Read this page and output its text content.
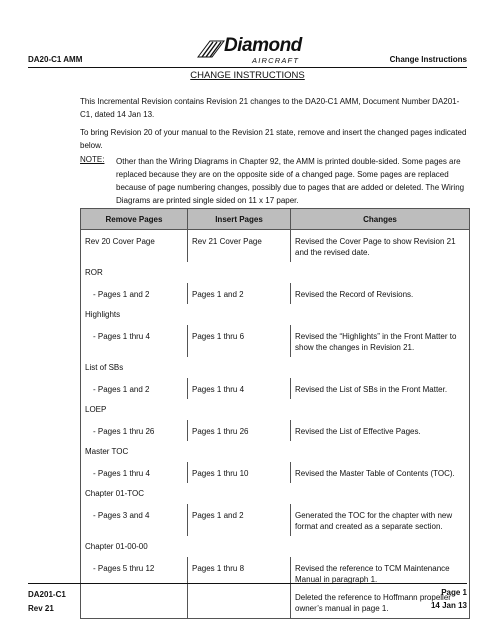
DA20-C1 AMM
Diamond
AIRCRAFT	Change Instructions
CHANGE INSTRUCTIONS
This Incremental Revision contains Revision 21 changes to the DA20-C1 AMM, Document Number DA201-C1, dated 14 Jan 13.
To bring Revision 20 of your manual to the Revision 21 state, remove and insert the changed pages indicated below.
NOTE: Other than the Wiring Diagrams in Chapter 92, the AMM is printed double-sided. Some pages are replaced because they are on the opposite side of a changed page. Some pages are replaced because of page numbering changes, possibly due to pages that are added or deleted. The Wiring Diagrams are printed single sided on 11 x 17 paper.
Remove Pages	Insert Pages	Changes
Rev 20 Cover Page	Rev 21 Cover Page	Revised the Cover Page to show Revision 21 and the revised date.

ROR		
- Pages 1 and 2	Pages 1 and 2	Revised the Record of Revisions.

Highlights		
- Pages 1 thru 4	Pages 1 thru 6	Revised the “Highlights” in the Front Matter to show the changes in Revision 21.

List of SBs		
- Pages 1 and 2	Pages 1 thru 4	Revised the List of SBs in the Front Matter.

LOEP		
- Pages 1 thru 26	Pages 1 thru 26	Revised the List of Effective Pages.

Master TOC		
- Pages 1 thru 4	Pages 1 thru 10	Revised the Master Table of Contents (TOC).

Chapter 01-TOC		
- Pages 3 and 4	Pages 1 and 2	Generated the TOC for the chapter with new format and created as a separate section.

Chapter 01-00-00		
- Pages 5 thru 12	Pages 1 thru 8	Revised the reference to TCM Maintenance Manual in paragraph 1.

Deleted the reference to Hoffmann propeller owner’s manual in page 1.

DA201-C1
Rev 21
Page 1
14 Jan 13
